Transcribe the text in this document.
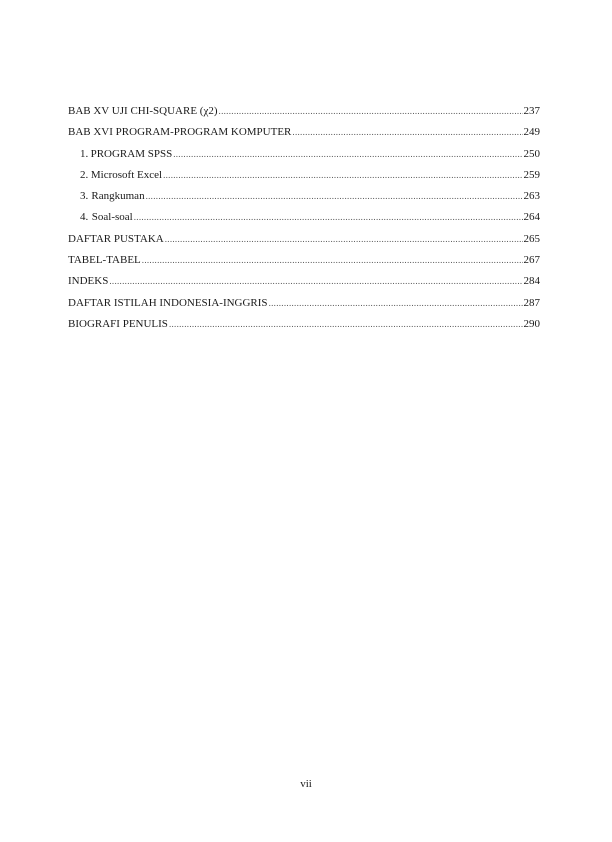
BAB XV UJI CHI-SQUARE (χ2) .....	237
BAB XVI PROGRAM-PROGRAM KOMPUTER .....	249
1. PROGRAM SPSS .....	250
2. Microsoft Excel .....	259
3. Rangkuman .....	263
4. Soal-soal .....	264
DAFTAR PUSTAKA .....	265
TABEL-TABEL .....	267
INDEKS .....	284
DAFTAR ISTILAH INDONESIA-INGGRIS .....	287
BIOGRAFI PENULIS .....	290
vii
